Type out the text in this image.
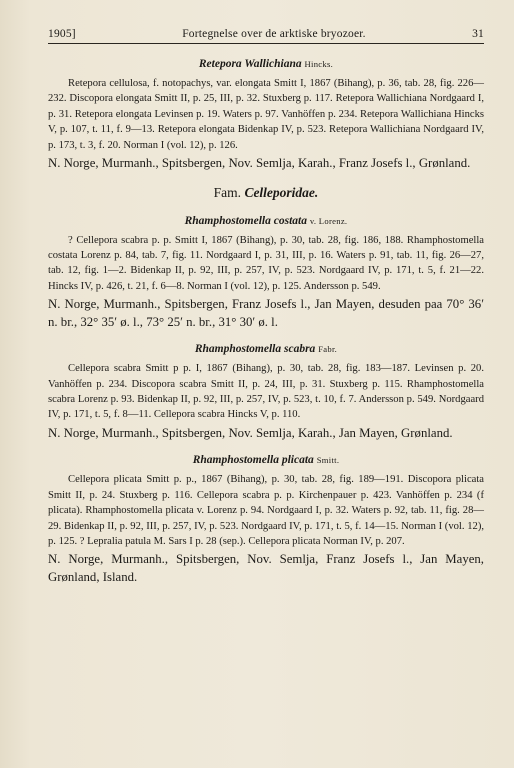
1905]	Fortegnelse over de arktiske bryozoer.	31

Retepora Wallichiana Hincks.

Retepora cellulosa, f. notopachys, var. elongata Smitt I, 1867 (Bihang), p. 36, tab. 28, fig. 226—232. Discopora elongata Smitt II, p. 25, III, p. 32. Stuxberg p. 117. Retepora Wallichiana Nordgaard I, p. 31. Retepora elongata Levinsen p. 19. Waters p. 97. Vanhöffen p. 234. Retepora Wallichiana Hincks V, p. 107, t. 11, f. 9—13. Retepora elongata Bidenkap IV, p. 523. Retepora Wallichiana Nordgaard IV, p. 173, t. 3, f. 20. Norman I (vol. 12), p. 126.

N. Norge, Murmanh., Spitsbergen, Nov. Semlja, Karah., Franz Josefs l., Grønland.

Fam. Celleporidae.

Rhamphostomella costata v. Lorenz.

? Cellepora scabra p. p. Smitt I, 1867 (Bihang), p. 30, tab. 28, fig. 186, 188. Rhamphostomella costata Lorenz p. 84, tab. 7, fig. 11. Nordgaard I, p. 31, III, p. 16. Waters p. 91, tab. 11, fig. 26—27, tab. 12, fig. 1—2. Bidenkap II, p. 92, III, p. 257, IV, p. 523. Nordgaard IV, p. 171, t. 5, f. 21—22. Hincks IV, p. 426, t. 21, f. 6—8. Norman I (vol. 12), p. 125. Andersson p. 549.

N. Norge, Murmanh., Spitsbergen, Franz Josefs l., Jan Mayen, desuden paa 70° 36′ n. br., 32° 35′ ø. l., 73° 25′ n. br., 31° 30′ ø. l.

Rhamphostomella scabra Fabr.

Cellepora scabra Smitt p p. I, 1867 (Bihang), p. 30, tab. 28, fig. 183—187. Levinsen p. 20. Vanhöffen p. 234. Discopora scabra Smitt II, p. 24, III, p. 31. Stuxberg p. 115. Rhamphostomella scabra Lorenz p. 93. Bidenkap II, p. 92, III, p. 257, IV, p. 523, t. 10, f. 7. Andersson p. 549. Nordgaard IV, p. 171, t. 5, f. 8—11. Cellepora scabra Hincks V, p. 110.

N. Norge, Murmanh., Spitsbergen, Nov. Semlja, Karah., Jan Mayen, Grønland.

Rhamphostomella plicata Smitt.

Cellepora plicata Smitt p. p., 1867 (Bihang), p. 30, tab. 28, fig. 189—191. Discopora plicata Smitt II, p. 24. Stuxberg p. 116. Cellepora scabra p. p. Kirchenpauer p. 423. Vanhöffen p. 234 (f plicata). Rhamphostomella plicata v. Lorenz p. 94. Nordgaard I, p. 32. Waters p. 92, tab. 11, fig. 28—29. Bidenkap II, p. 92, III, p. 257, IV, p. 523. Nordgaard IV, p. 171, t. 5, f. 14—15. Norman I (vol. 12), p. 125. ? Lepralia patula M. Sars I p. 28 (sep.). Cellepora plicata Norman IV, p. 207.

N. Norge, Murmanh., Spitsbergen, Nov. Semlja, Franz Josefs l., Jan Mayen, Grønland, Island.
